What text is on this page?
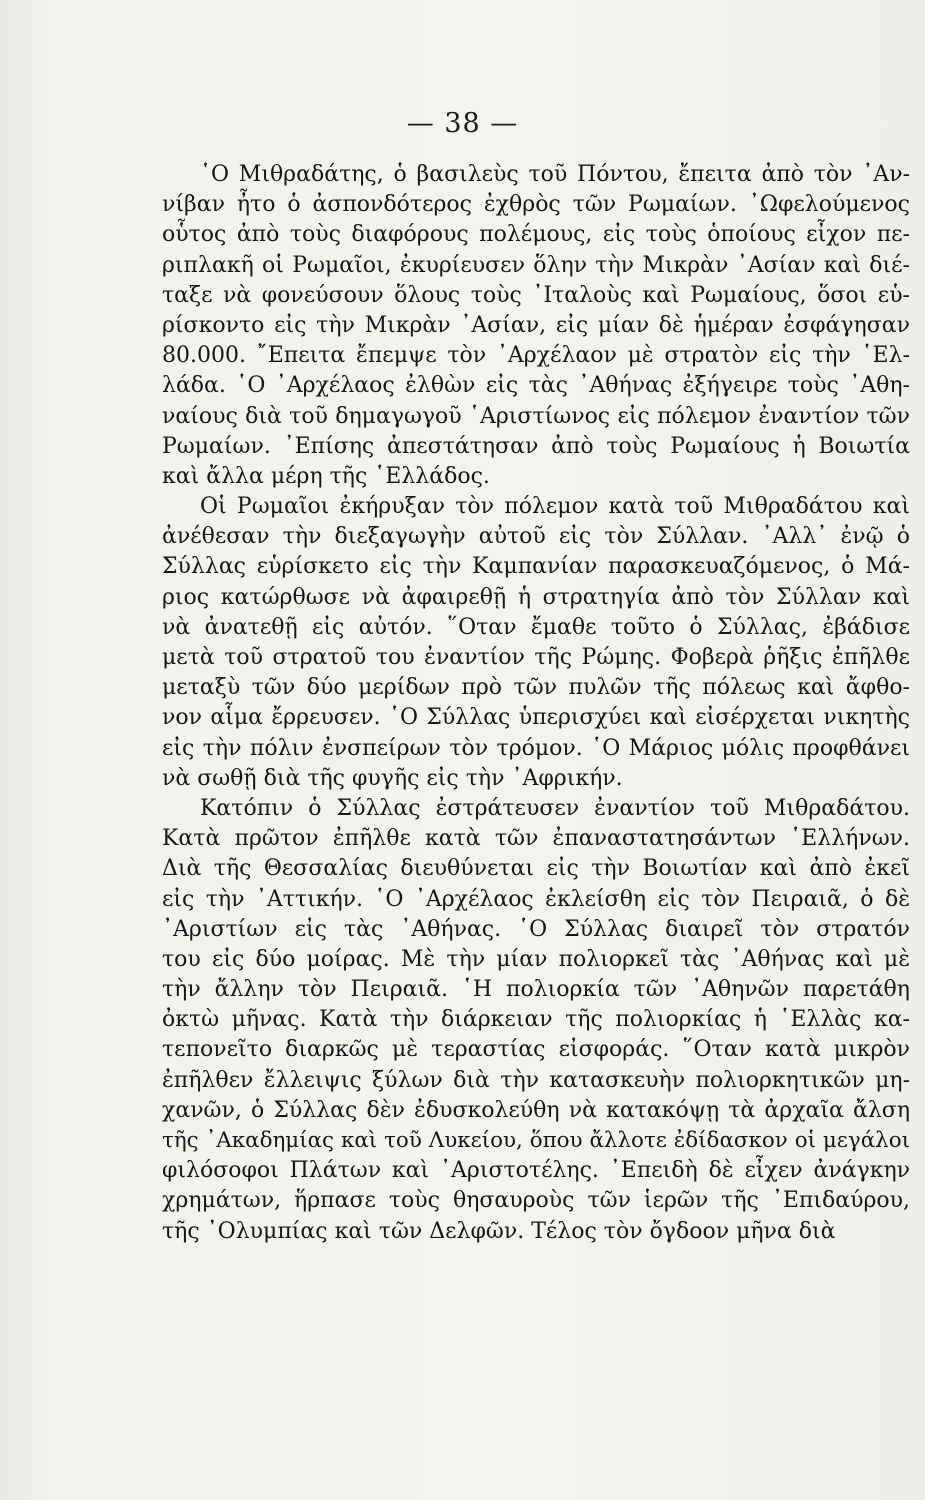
— 38 —
῾Ο Μιθραδάτης, ὁ βασιλεὺς τοῦ Πόντου, ἔπειτα ἀπὸ τὸν ᾿Αν-
νίβαν ἦτο ὁ ἀσπονδότερος ἐχθρὸς τῶν Ρωμαίων. ᾿Ωφελούμενος
οὗτος ἀπὸ τοὺς διαφόρους πολέμους, εἰς τοὺς ὁποίους εἶχον πε-
ριπλακῆ οἱ Ρωμαῖοι, ἐκυρίευσεν ὅλην τὴν Μικρὰν ᾿Ασίαν καὶ διέ-
ταξε νὰ φονεύσουν ὅλους τοὺς ᾿Ιταλοὺς καὶ Ρωμαίους, ὅσοι εὑ-
ρίσκοντο εἰς τὴν Μικρὰν ᾿Ασίαν, εἰς μίαν δὲ ἡμέραν ἐσφάγησαν
80.000. ῎Επειτα ἔπεμψε τὸν ᾿Αρχέλαον μὲ στρατὸν εἰς τὴν ῾Ελ-
λάδα. ῾Ο ᾿Αρχέλαος ἐλθὼν εἰς τὰς ᾿Αθήνας ἐξήγειρε τοὺς ᾿Αθη-
ναίους διὰ τοῦ δημαγωγοῦ ῾Αριστίωνος εἰς πόλεμον ἐναντίον τῶν
Ρωμαίων. ᾿Επίσης ἀπεστάτησαν ἀπὸ τοὺς Ρωμαίους ἡ Βοιωτία
καὶ ἄλλα μέρη τῆς ῾Ελλάδος.
Οἱ Ρωμαῖοι ἐκήρυξαν τὸν πόλεμον κατὰ τοῦ Μιθραδάτου καὶ
ἀνέθεσαν τὴν διεξαγωγὴν αὐτοῦ εἰς τὸν Σύλλαν. ᾿Αλλ᾿ ἐνῷ ὁ
Σύλλας εὑρίσκετο εἰς τὴν Καμπανίαν παρασκευαζόμενος, ὁ Μά-
ριος κατώρθωσε νὰ ἀφαιρεθῇ ἡ στρατηγία ἀπὸ τὸν Σύλλαν καὶ
νὰ ἀνατεθῇ εἰς αὐτόν. ῞Οταν ἔμαθε τοῦτο ὁ Σύλλας, ἐβάδισε
μετὰ τοῦ στρατοῦ του ἐναντίον τῆς Ρώμης. Φοβερὰ ῥῆξις ἐπῆλθε
μεταξὺ τῶν δύο μερίδων πρὸ τῶν πυλῶν τῆς πόλεως καὶ ἄφθο-
νον αἷμα ἔρρευσεν. ῾Ο Σύλλας ὑπερισχύει καὶ εἰσέρχεται νικητὴς
εἰς τὴν πόλιν ἐνσπείρων τὸν τρόμον. ῾Ο Μάριος μόλις προφθάνει
νὰ σωθῇ διὰ τῆς φυγῆς εἰς τὴν ᾿Αφρικήν.
Κατόπιν ὁ Σύλλας ἐστράτευσεν ἐναντίον τοῦ Μιθραδάτου.
Κατὰ πρῶτον ἐπῆλθε κατὰ τῶν ἐπαναστατησάντων ῾Ελλήνων.
Διὰ τῆς Θεσσαλίας διευθύνεται εἰς τὴν Βοιωτίαν καὶ ἀπὸ ἐκεῖ
εἰς τὴν ᾿Αττικήν. ῾Ο ᾿Αρχέλαος ἐκλείσθη εἰς τὸν Πειραιᾶ, ὁ δὲ
᾿Αριστίων εἰς τὰς ᾿Αθήνας. ῾Ο Σύλλας διαιρεῖ τὸν στρατόν
του εἰς δύο μοίρας. Μὲ τὴν μίαν πολιορκεῖ τὰς ᾿Αθήνας καὶ μὲ
τὴν ἄλλην τὸν Πειραιᾶ. ῾Η πολιορκία τῶν ᾿Αθηνῶν παρετάθη
ὀκτὼ μῆνας. Κατὰ τὴν διάρκειαν τῆς πολιορκίας ἡ ῾Ελλὰς κα-
τεπονεῖτο διαρκῶς μὲ τεραστίας εἰσφοράς. ῞Οταν κατὰ μικρὸν
ἐπῆλθεν ἔλλειψις ξύλων διὰ τὴν κατασκευὴν πολιορκητικῶν μη-
χανῶν, ὁ Σύλλας δὲν ἐδυσκολεύθη νὰ κατακόψῃ τὰ ἀρχαῖα ἄλση
τῆς ᾿Ακαδημίας καὶ τοῦ Λυκείου, ὅπου ἄλλοτε ἐδίδασκον οἱ μεγάλοι
φιλόσοφοι Πλάτων καὶ ᾿Αριστοτέλης. ᾿Επειδὴ δὲ εἶχεν ἀνάγκην
χρημάτων, ἥρπασε τοὺς θησαυροὺς τῶν ἱερῶν τῆς ᾿Επιδαύρου,
τῆς ᾿Ολυμπίας καὶ τῶν Δελφῶν. Τέλος τὸν ὄγδοον μῆνα διὰ
